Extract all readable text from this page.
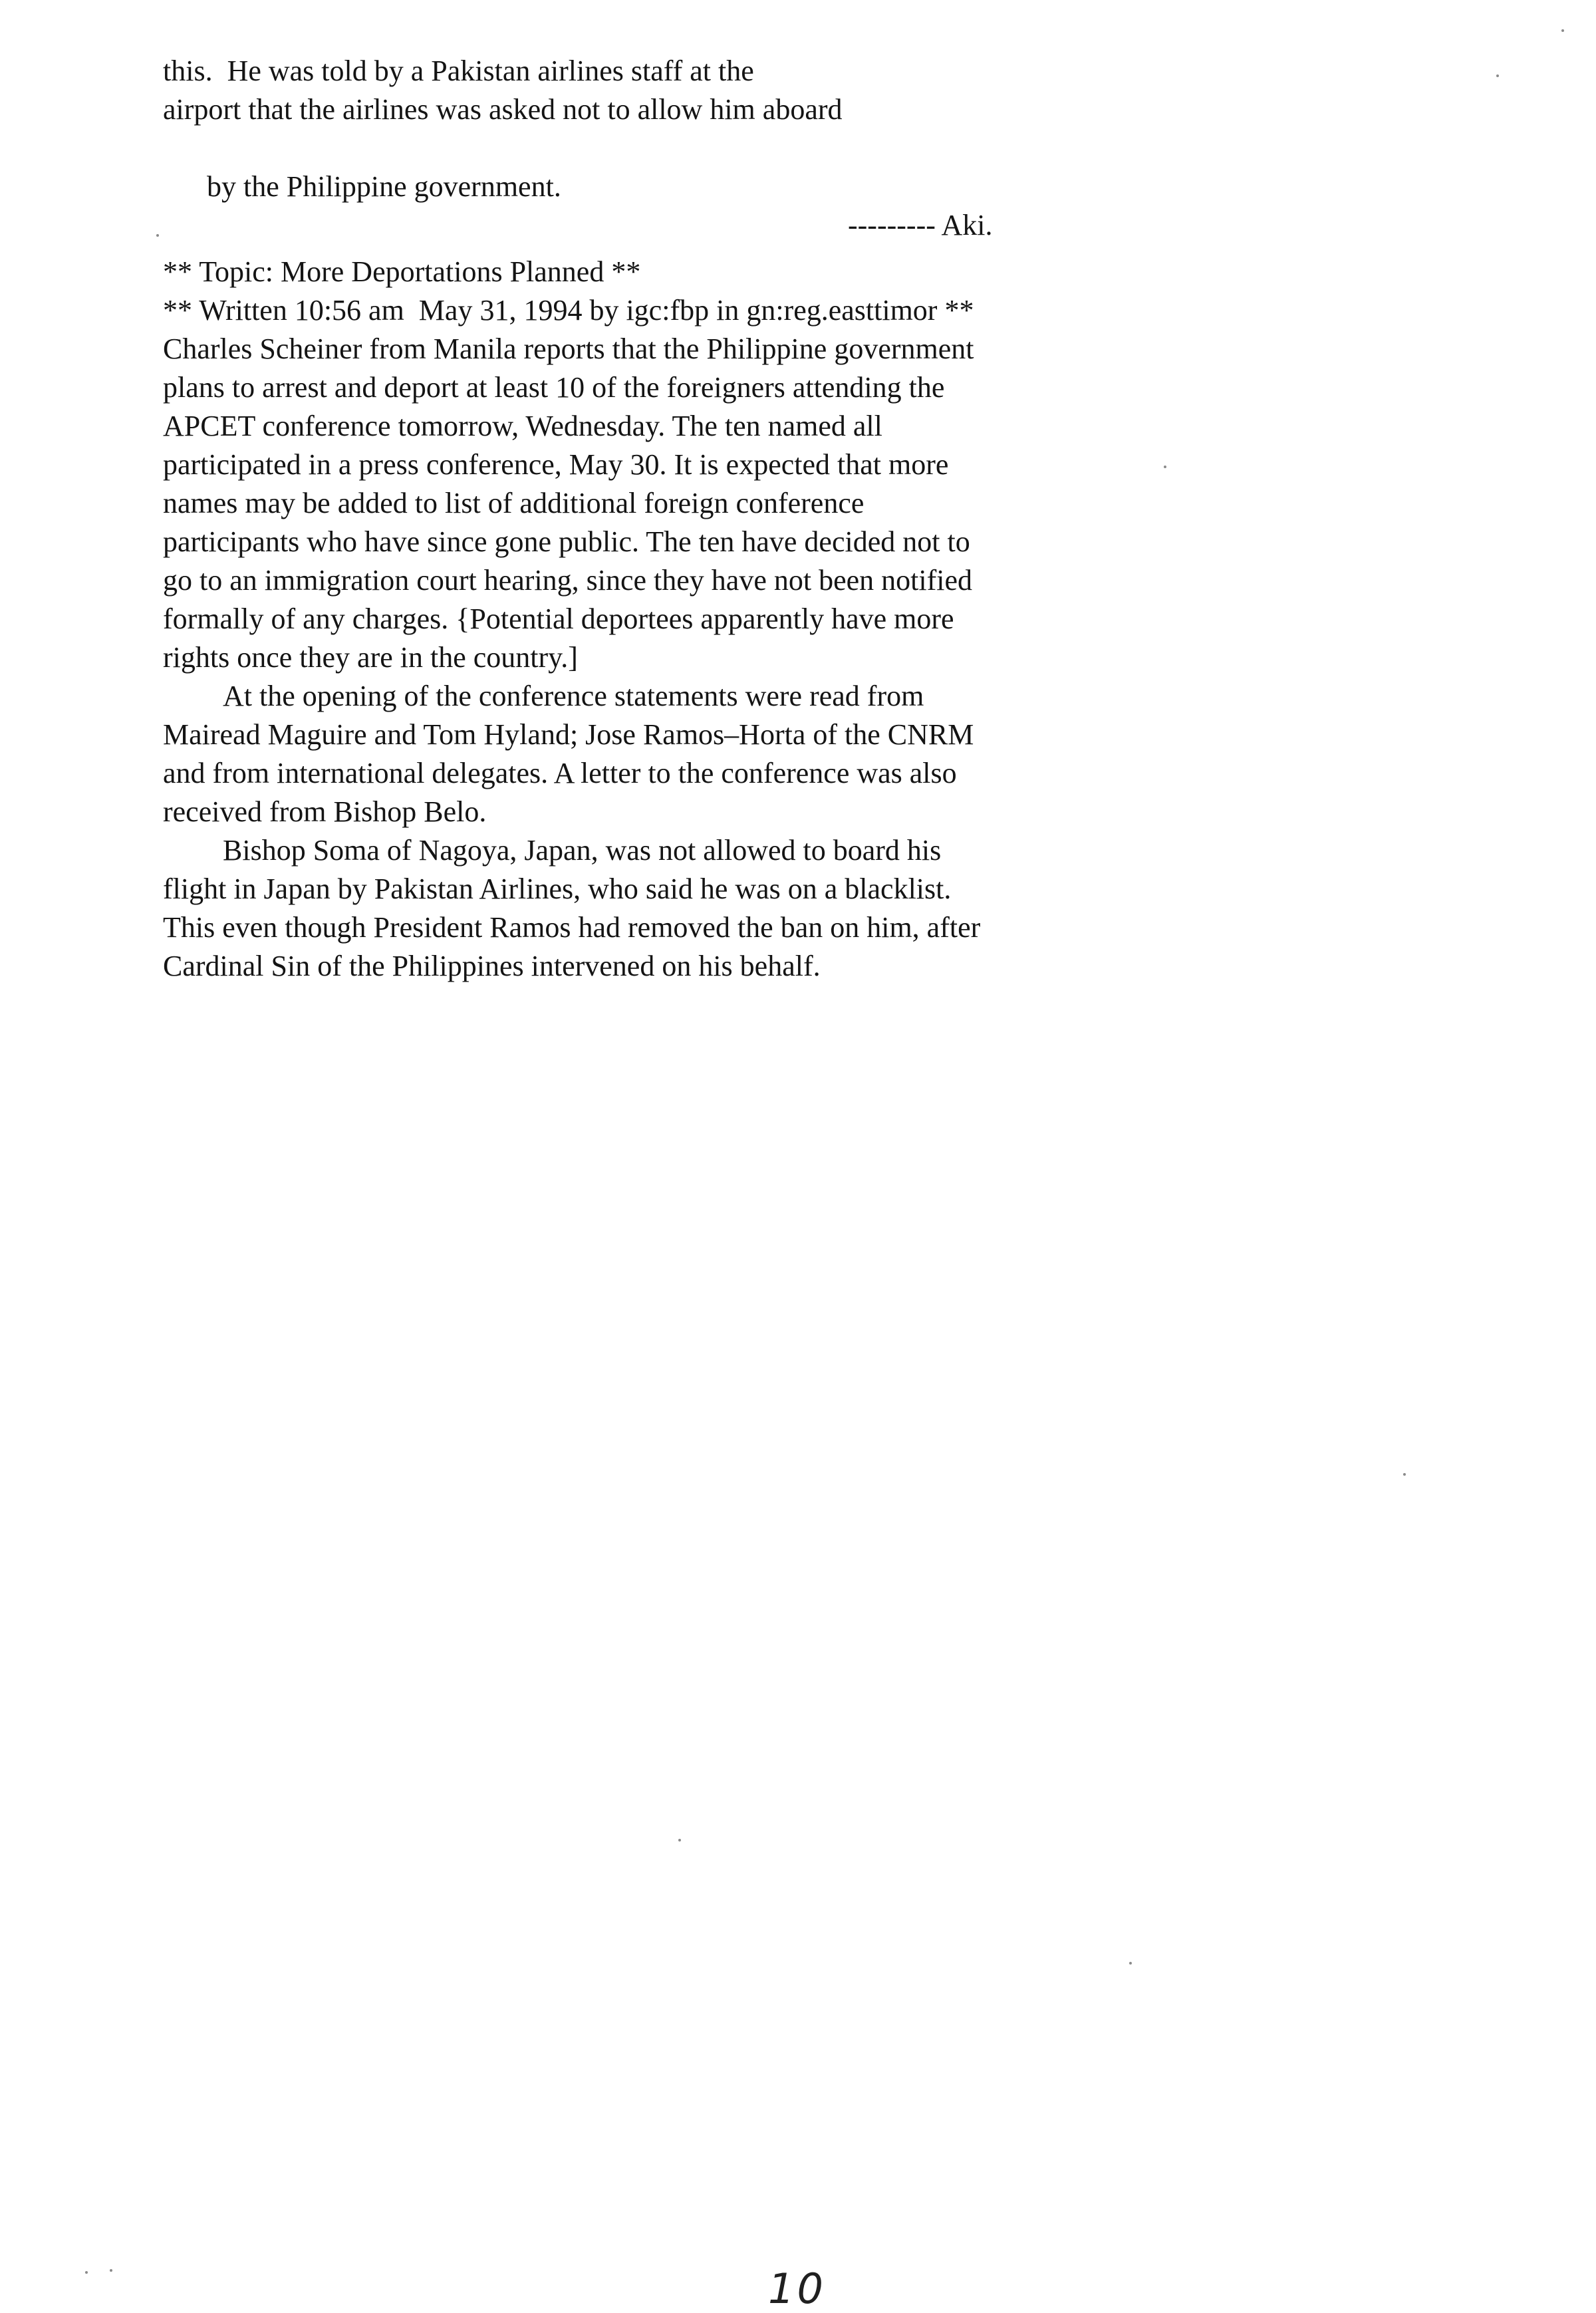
this.  He was told by a Pakistan airlines staff at the
airport that the airlines was asked not to allow him aboard

by the Philippine government.

--------- Aki.

** Topic: More Deportations Planned **
** Written 10:56 am  May 31, 1994 by igc:fbp in gn:reg.easttimor **
Charles Scheiner from Manila reports that the Philippine government
plans to arrest and deport at least 10 of the foreigners attending the
APCET conference tomorrow, Wednesday. The ten named all
participated in a press conference, May 30. It is expected that more
names may be added to list of additional foreign conference
participants who have since gone public. The ten have decided not to
go to an immigration court hearing, since they have not been notified
formally of any charges. {Potential deportees apparently have more
rights once they are in the country.]
At the opening of the conference statements were read from
Mairead Maguire and Tom Hyland; Jose Ramos–Horta of the CNRM
and from international delegates. A letter to the conference was also
received from Bishop Belo.
Bishop Soma of Nagoya, Japan, was not allowed to board his
flight in Japan by Pakistan Airlines, who said he was on a blacklist.
This even though President Ramos had removed the ban on him, after
Cardinal Sin of the Philippines intervened on his behalf.
10
